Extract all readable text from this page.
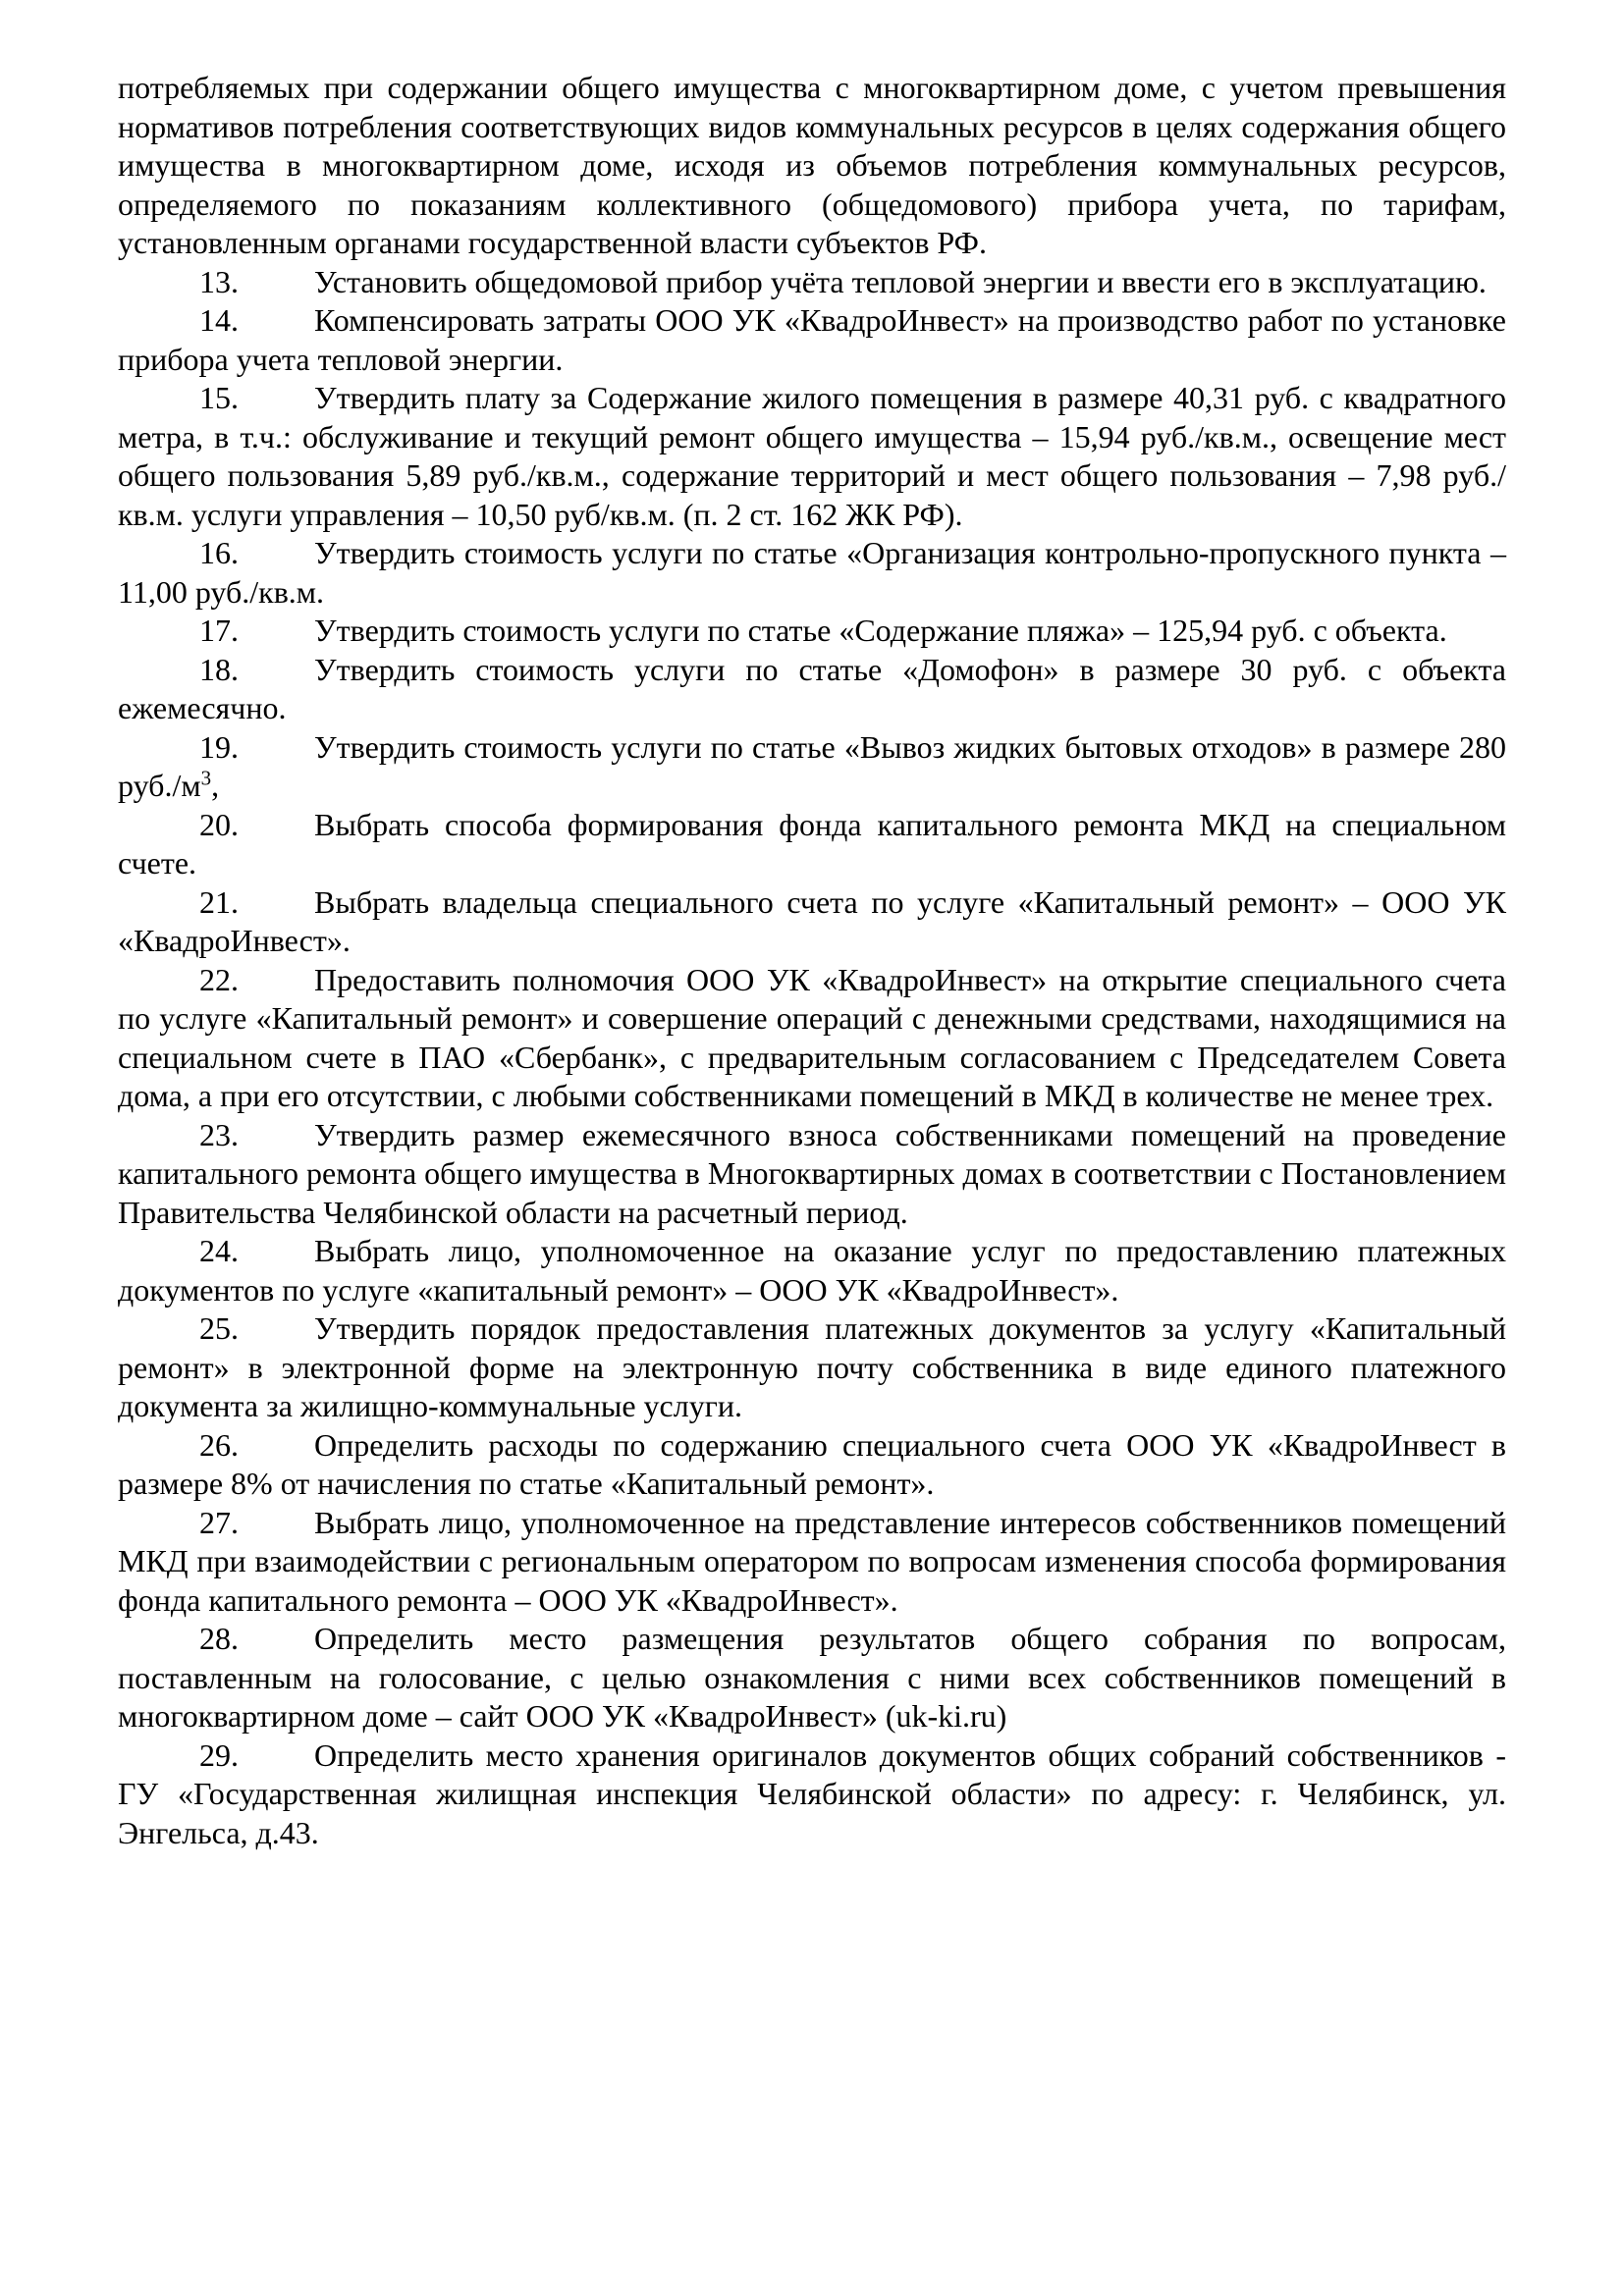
потребляемых при содержании общего имущества с многоквартирном доме, с учетом превышения нормативов потребления соответствующих видов коммунальных ресурсов в целях содержания общего имущества в многоквартирном доме, исходя из объемов потребления коммунальных ресурсов, определяемого по показаниям коллективного (общедомового) прибора учета, по тарифам, установленным органами государственной власти субъектов РФ.

13. Установить общедомовой прибор учёта тепловой энергии и ввести его в эксплуатацию.

14. Компенсировать затраты ООО УК «КвадроИнвест» на производство работ по установке прибора учета тепловой энергии.

15. Утвердить плату за Содержание жилого помещения в размере 40,31 руб. с квадратного метра, в т.ч.: обслуживание и текущий ремонт общего имущества – 15,94 руб./кв.м., освещение мест общего пользования 5,89 руб./кв.м., содержание территорий и мест общего пользования – 7,98 руб./кв.м. услуги управления – 10,50 руб/кв.м. (п. 2 ст. 162 ЖК РФ).

16. Утвердить стоимость услуги по статье «Организация контрольно-пропускного пункта – 11,00 руб./кв.м.

17. Утвердить стоимость услуги по статье «Содержание пляжа» – 125,94 руб. с объекта.

18. Утвердить стоимость услуги по статье «Домофон» в размере 30 руб. с объекта ежемесячно.

19. Утвердить стоимость услуги по статье «Вывоз жидких бытовых отходов» в размере 280 $руб./м^3$,

20. Выбрать способа формирования фонда капитального ремонта МКД на специальном счете.

21. Выбрать владельца специального счета по услуге «Капитальный ремонт» – ООО УК «КвадроИнвест».

22. Предоставить полномочия ООО УК «КвадроИнвест» на открытие специального счета по услуге «Капитальный ремонт» и совершение операций с денежными средствами, находящимися на специальном счете в ПАО «Сбербанк», с предварительным согласованием с Председателем Совета дома, а при его отсутствии, с любыми собственниками помещений в МКД в количестве не менее трех.

23. Утвердить размер ежемесячного взноса собственниками помещений на проведение капитального ремонта общего имущества в Многоквартирных домах в соответствии с Постановлением Правительства Челябинской области на расчетный период.

24. Выбрать лицо, уполномоченное на оказание услуг по предоставлению платежных документов по услуге «капитальный ремонт» – ООО УК «КвадроИнвест».

25. Утвердить порядок предоставления платежных документов за услугу «Капитальный ремонт» в электронной форме на электронную почту собственника в виде единого платежного документа за жилищно-коммунальные услуги.

26. Определить расходы по содержанию специального счета ООО УК «КвадроИнвест в размере 8% от начисления по статье «Капитальный ремонт».

27. Выбрать лицо, уполномоченное на представление интересов собственников помещений МКД при взаимодействии с региональным оператором по вопросам изменения способа формирования фонда капитального ремонта – ООО УК «КвадроИнвест».

28. Определить место размещения результатов общего собрания по вопросам, поставленным на голосование, с целью ознакомления с ними всех собственников помещений в многоквартирном доме – сайт ООО УК «КвадроИнвест» (uk-ki.ru)

29. Определить место хранения оригиналов документов общих собраний собственников - ГУ «Государственная жилищная инспекция Челябинской области» по адресу: г. Челябинск, ул. Энгельса, д.43.
